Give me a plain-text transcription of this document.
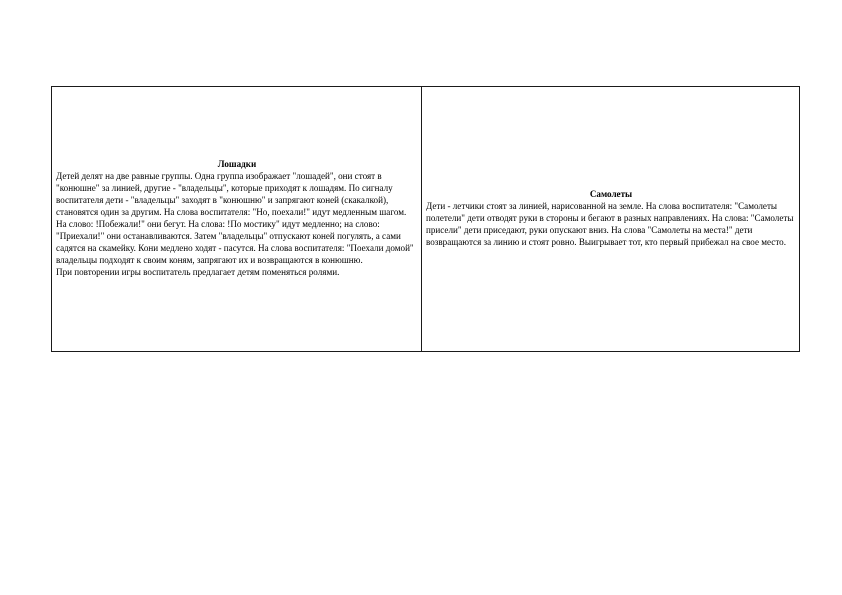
Лошадки
Детей делят на две равные группы. Одна группа изображает "лошадей", они стоят в "конюшне" за линией, другие - "владельцы", которые приходят к лошадям. По сигналу воспитателя дети - "владельцы" заходят в "конюшню" и запрягают коней (скакалкой), становятся один за другим. На слова воспитателя: "Но, поехали!" идут медленным шагом. На слово: !Побежали!" они бегут. На слова: !По мостику" идут медленно; на слово: "Приехали!" они останавливаются. Затем "владельцы" отпускают коней погулять, а сами садятся на скамейку. Кони медлено ходят - пасутся. На слова воспитателя: "Поехали домой" владельцы подходят к своим коням, запрягают их и возвращаются в конюшню.
При повторении игры воспитатель предлагает детям поменяться ролями.

Самолеты
Дети - летчики стоят за линией, нарисованной на земле. На слова воспитателя: "Самолеты полетели" дети отводят руки в стороны и бегают в разных направлениях. На слова: "Самолеты присели" дети приседают, руки опускают вниз. На слова "Самолеты на места!" дети возвращаются за линию и стоят ровно. Выигрывает тот, кто первый прибежал на свое место.
